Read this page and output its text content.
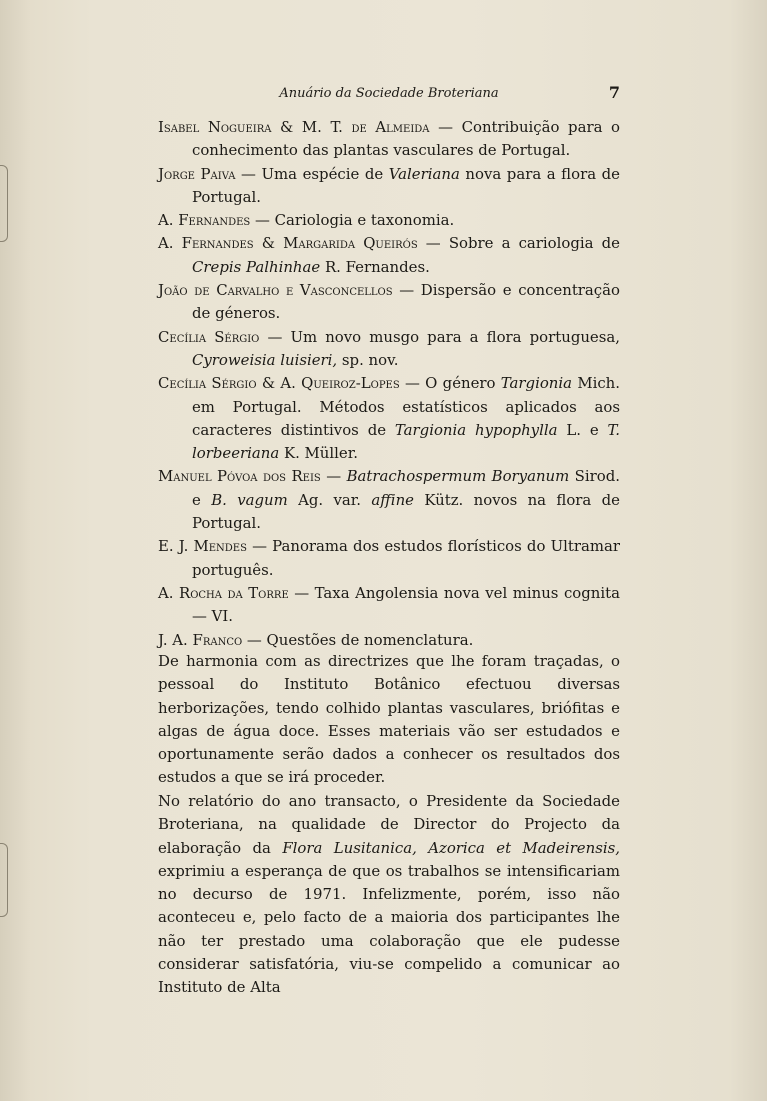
Anuário da Sociedade Broteriana	7
Isabel Nogueira & M. T. de Almeida — Contribuição para o conhecimento das plantas vasculares de Portugal.
Jorge Paiva — Uma espécie de Valeriana nova para a flora de Portugal.
A. Fernandes — Cariologia e taxonomia.
A. Fernandes & Margarida Queirós — Sobre a cariologia de Crepis Palhinhae R. Fernandes.
João de Carvalho e Vasconcellos — Dispersão e concentração de géneros.
Cecília Sérgio — Um novo musgo para a flora portuguesa, Cyroweisia luisieri, sp. nov.
Cecília Sérgio & A. Queiroz-Lopes — O género Targionia Mich. em Portugal. Métodos estatísticos aplicados aos caracteres distintivos de Targionia hypophylla L. e T. lorbeeriana K. Müller.
Manuel Póvoa dos Reis — Batrachospermum Boryanum Sirod. e B. vagum Ag. var. affine Kütz. novos na flora de Portugal.
E. J. Mendes — Panorama dos estudos florísticos do Ultramar português.
A. Rocha da Torre — Taxa Angolensia nova vel minus cognita — VI.
J. A. Franco — Questões de nomenclatura.

De harmonia com as directrizes que lhe foram traçadas, o pessoal do Instituto Botânico efectuou diversas herborizações, tendo colhido plantas vasculares, briófitas e algas de água doce. Esses materiais vão ser estudados e oportunamente serão dados a conhecer os resultados dos estudos a que se irá proceder.

No relatório do ano transacto, o Presidente da Sociedade Broteriana, na qualidade de Director do Projecto da elaboração da Flora Lusitanica, Azorica et Madeirensis, exprimiu a esperança de que os trabalhos se intensificariam no decurso de 1971. Infelizmente, porém, isso não aconteceu e, pelo facto de a maioria dos participantes lhe não ter prestado uma colaboração que ele pudesse considerar satisfatória, viu-se compelido a comunicar ao Instituto de Alta
